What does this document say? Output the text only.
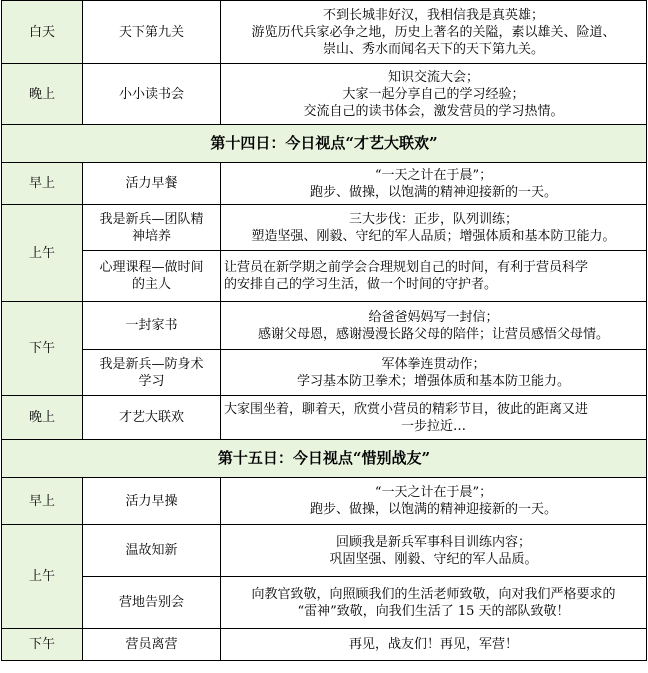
白天	天下第九关	不到长城非好汉，我相信我是真英雄；
游览历代兵家必争之地，历史上著名的关隘，素以雄关、险道、
崇山、秀水而闻名天下的天下第九关。

晚上	小小读书会	知识交流大会；
大家一起分享自己的学习经验；
交流自己的读书体会，激发营员的学习热情。

第十四日：今日视点“才艺大联欢”		
早上	活力早餐	“一天之计在于晨”；
跑步、做操，以饱满的精神迎接新的一天。

上午	我是新兵—团队精
神培养	三大步伐：正步，队列训练；
塑造坚强、刚毅、守纪的军人品质；增强体质和基本防卫能力。

	心理课程—做时间
的主人	让营员在新学期之前学会合理规划自己的时间，有利于营员科学
的安排自己的学习生活，做一个时间的守护者。

下午	一封家书	给爸爸妈妈写一封信；
感谢父母恩，感谢漫漫长路父母的陪伴；让营员感悟父母情。

	我是新兵—防身术
学习	军体拳连贯动作；
学习基本防卫拳术；增强体质和基本防卫能力。

晚上	才艺大联欢	大家围坐着，聊着天，欣赏小营员的精彩节目，彼此的距离又进
一步拉近…

第十五日：今日视点“惜别战友”		
早上	活力早操	“一天之计在于晨”；
跑步、做操，以饱满的精神迎接新的一天。

上午	温故知新	回顾我是新兵军事科目训练内容；
巩固坚强、刚毅、守纪的军人品质。

	营地告别会	向教官致敬，向照顾我们的生活老师致敬，向对我们严格要求的
“雷神”致敬，向我们生活了 15 天的部队致敬！

下午	营员离营	再见，战友们！再见，军营！
